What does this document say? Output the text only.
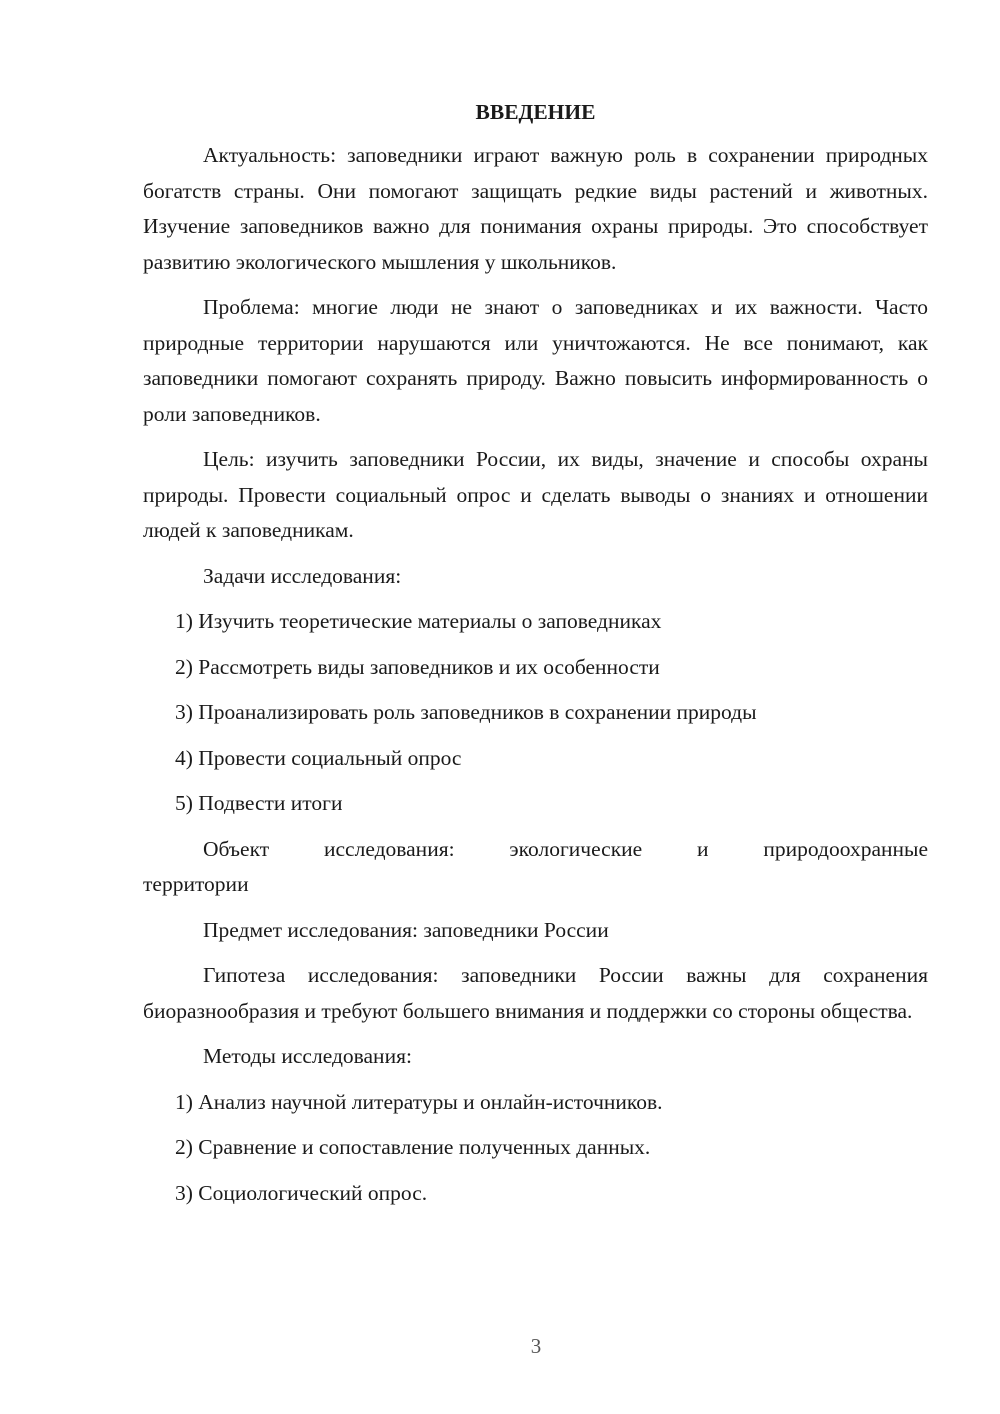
ВВЕДЕНИЕ

Актуальность: заповедники играют важную роль в сохранении природных богатств страны. Они помогают защищать редкие виды растений и животных. Изучение заповедников важно для понимания охраны природы. Это способствует развитию экологического мышления у школьников.

Проблема: многие люди не знают о заповедниках и их важности. Часто природные территории нарушаются или уничтожаются. Не все понимают, как заповедники помогают сохранять природу. Важно повысить информированность о роли заповедников.

Цель: изучить заповедники России, их виды, значение и способы охраны природы. Провести социальный опрос и сделать выводы о знаниях и отношении людей к заповедникам.

Задачи исследования:
1) Изучить теоретические материалы о заповедниках
2) Рассмотреть виды заповедников и их особенности
3) Проанализировать роль заповедников в сохранении природы
4) Провести социальный опрос
5) Подвести итоги

Объект исследования: экологические и природоохранные

территории

Предмет исследования: заповедники России

Гипотеза исследования: заповедники России важны для сохранения биоразнообразия и требуют большего внимания и поддержки со стороны общества.

Методы исследования:
1) Анализ научной литературы и онлайн-источников.
2) Сравнение и сопоставление полученных данных.
3) Социологический опрос.
3
